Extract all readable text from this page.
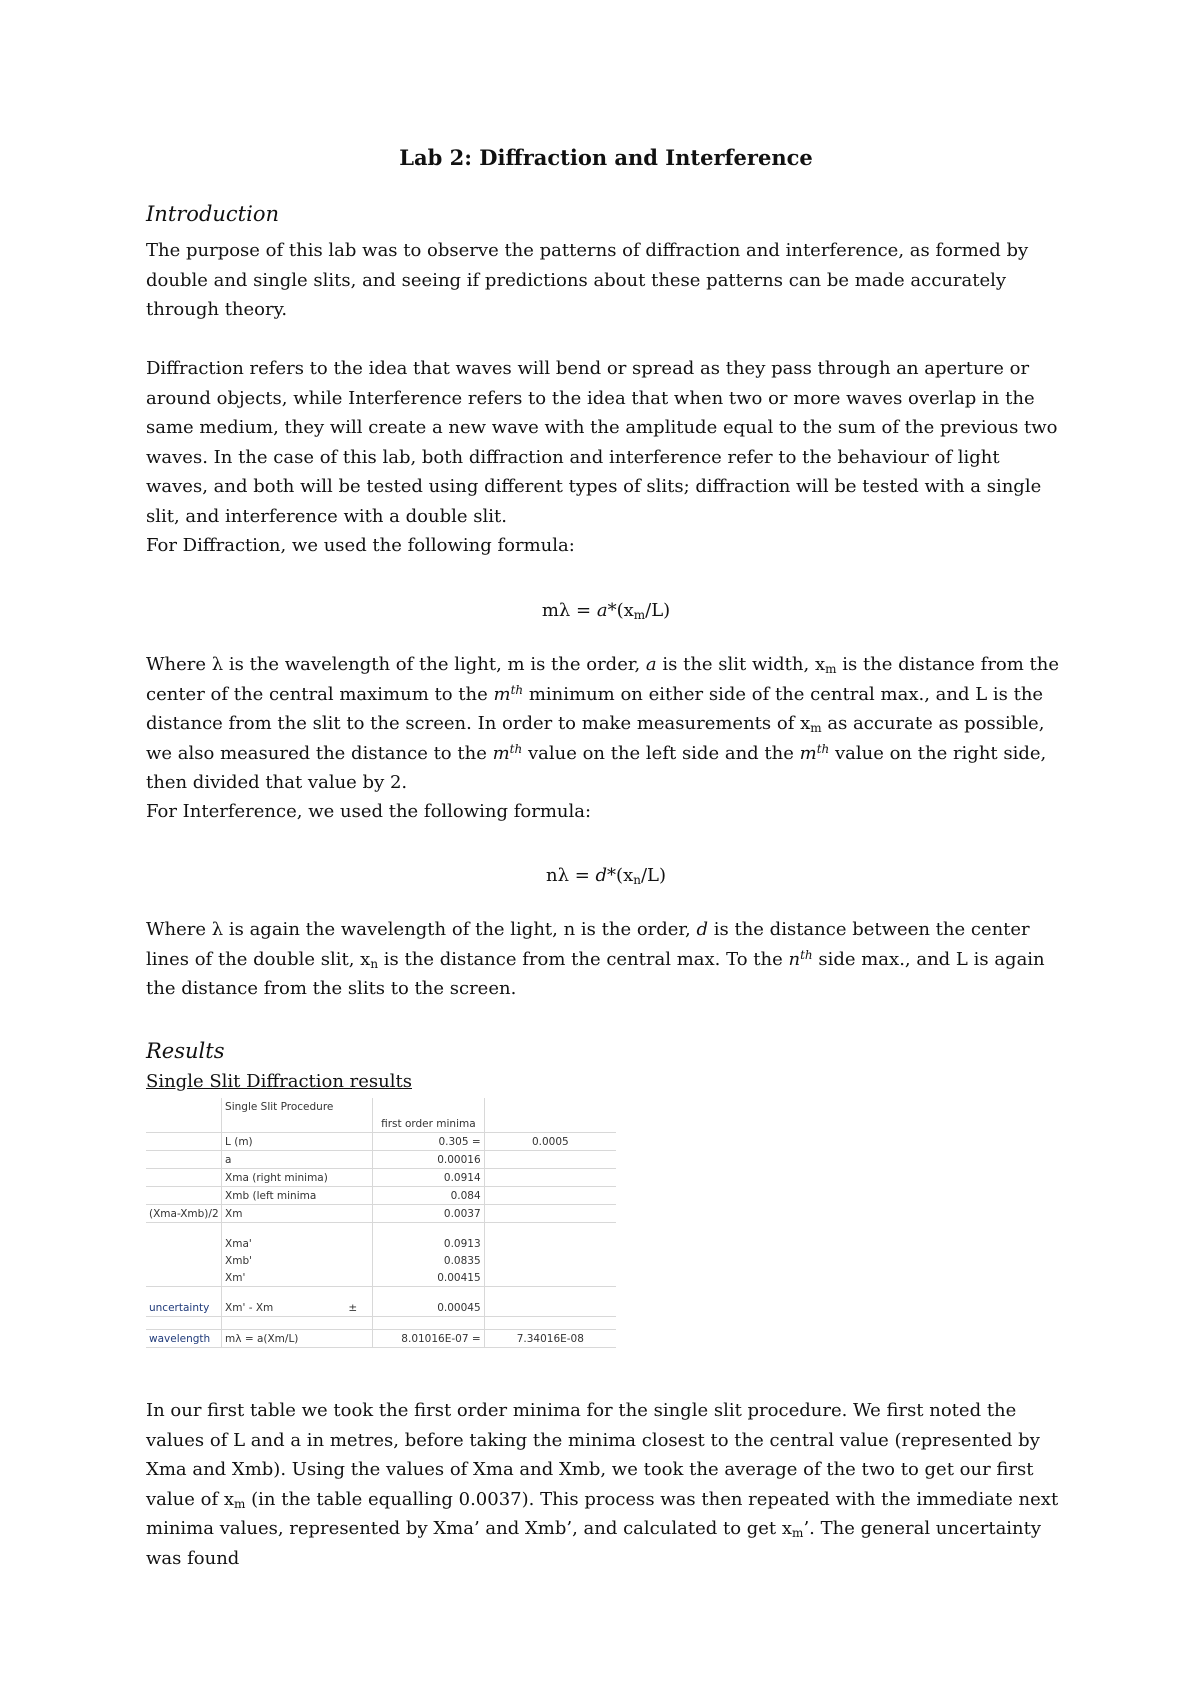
Lab 2: Diffraction and Interference
Introduction

The purpose of this lab was to observe the patterns of diffraction and interference, as formed by double and single slits, and seeing if predictions about these patterns can be made accurately through theory.

Diffraction refers to the idea that waves will bend or spread as they pass through an aperture or around objects, while Interference refers to the idea that when two or more waves overlap in the same medium, they will create a new wave with the amplitude equal to the sum of the previous two waves. In the case of this lab, both diffraction and interference refer to the behaviour of light waves, and both will be tested using different types of slits; diffraction will be tested with a single slit, and interference with a double slit.

For Diffraction, we used the following formula:

$m\lambda = a*(x_m/L)$

Where λ is the wavelength of the light, m is the order, a is the slit width, $x_m$ is the distance from the center of the central maximum to the $m^{th}$ minimum on either side of the central max., and L is the distance from the slit to the screen. In order to make measurements of $x_m$ as accurate as possible, we also measured the distance to the $m^{th}$ value on the left side and the $m^{th}$ value on the right side, then divided that value by 2.

For Interference, we used the following formula:

$n\lambda = d*(x_n/L)$

Where λ is again the wavelength of the light, n is the order, d is the distance between the center lines of the double slit, $x_n$ is the distance from the central max. To the $n^{th}$ side max., and L is again the distance from the slits to the screen.

Results
Single Slit Diffraction results

In our first table we took the first order minima for the single slit procedure. We first noted the values of L and a in metres, before taking the minima closest to the central value (represented by Xma and Xmb). Using the values of Xma and Xmb, we took the average of the two to get our first value of $x_m$ (in the table equalling 0.0037). This process was then repeated with the immediate next minima values, represented by Xma’ and Xmb’, and calculated to get $x_m$’. The general uncertainty was found

	Single Slit Procedure		
		first order minima	
	L (m)	0.305 =	0.0005
	a	0.00016	
	Xma (right minima)	0.0914	
	Xmb (left minima	0.084	
(Xma-Xmb)/2	Xm	0.0037	

	Xma'	0.0913	
	Xmb'	0.0835	
	Xm'	0.00415	

uncertainty	Xm' - Xm ±	0.00045	

wavelength	mλ = a(Xm/L)	8.01016E-07 =	7.34016E-08
